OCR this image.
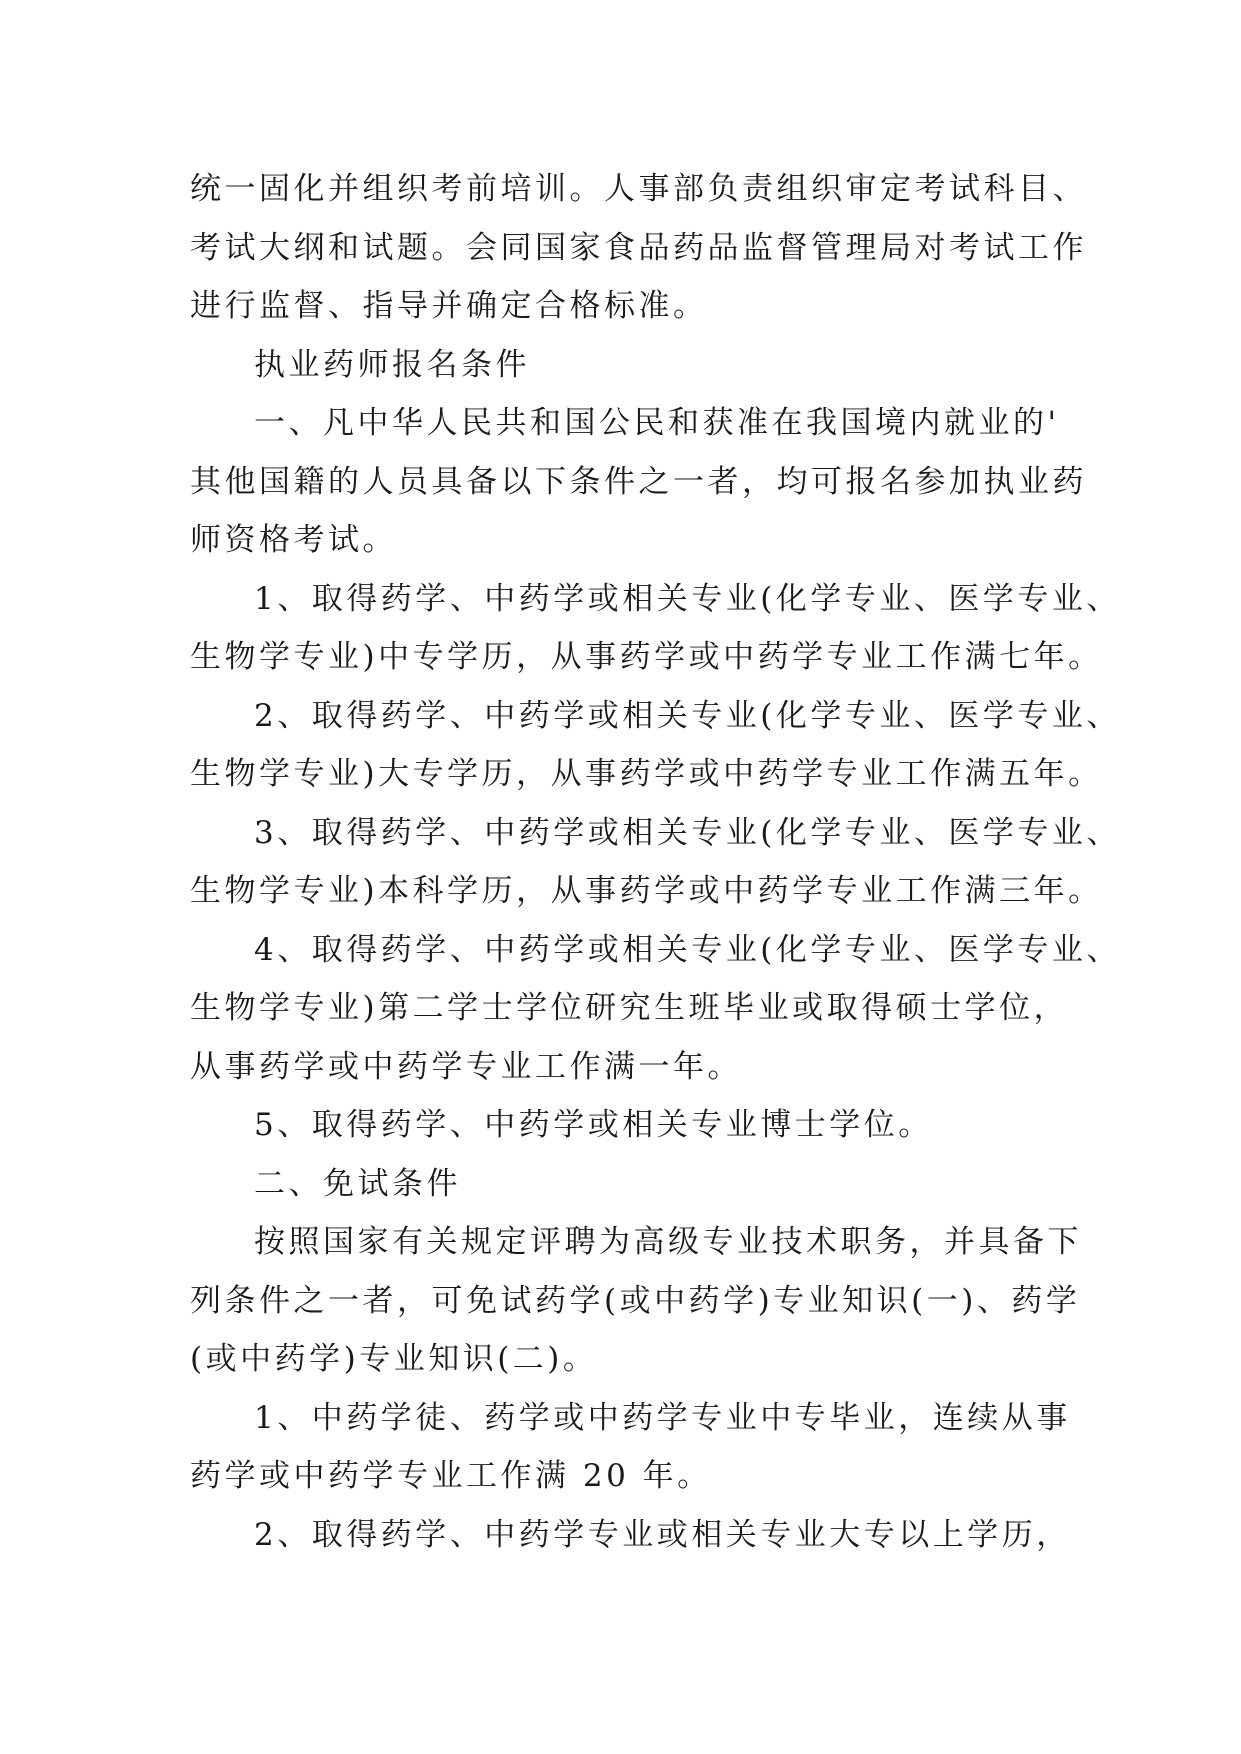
统一固化并组织考前培训。人事部负责组织审定考试科目、
考试大纲和试题。会同国家食品药品监督管理局对考试工作
进行监督、指导并确定合格标准。

执业药师报名条件

一、凡中华人民共和国公民和获准在我国境内就业的'
其他国籍的人员具备以下条件之一者，均可报名参加执业药
师资格考试。

1、取得药学、中药学或相关专业(化学专业、医学专业、
生物学专业)中专学历，从事药学或中药学专业工作满七年。

2、取得药学、中药学或相关专业(化学专业、医学专业、
生物学专业)大专学历，从事药学或中药学专业工作满五年。

3、取得药学、中药学或相关专业(化学专业、医学专业、
生物学专业)本科学历，从事药学或中药学专业工作满三年。

4、取得药学、中药学或相关专业(化学专业、医学专业、
生物学专业)第二学士学位研究生班毕业或取得硕士学位，
从事药学或中药学专业工作满一年。

5、取得药学、中药学或相关专业博士学位。

二、免试条件

按照国家有关规定评聘为高级专业技术职务，并具备下
列条件之一者，可免试药学(或中药学)专业知识(一)、药学
(或中药学)专业知识(二)。

1、中药学徒、药学或中药学专业中专毕业，连续从事
药学或中药学专业工作满 20 年。

2、取得药学、中药学专业或相关专业大专以上学历，
